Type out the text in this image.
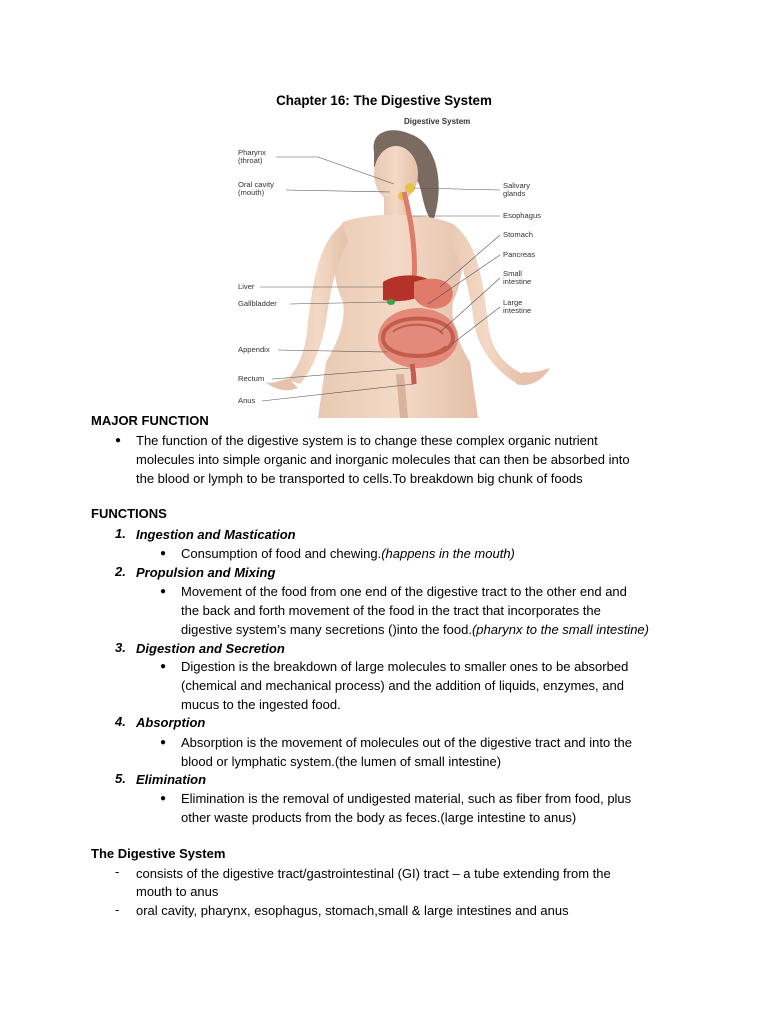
Chapter 16: The Digestive System
Digestive System
Pharynx
(throat)
Oral cavity
(mouth)
Liver
Gallbladder
Appendix
Rectum
Anus
Salivary
glands
Esophagus
Stomach
Pancreas
Small
intestine
Large
intestine
MAJOR FUNCTION
● The function of the digestive system is to change these complex organic nutrient
molecules into simple organic and inorganic molecules that can then be absorbed into
the blood or lymph to be transported to cells.To breakdown big chunk of foods
FUNCTIONS
1. Ingestion and Mastication
● Consumption of food and chewing.(happens in the mouth)
2. Propulsion and Mixing
● Movement of the food from one end of the digestive tract to the other end and
the back and forth movement of the food in the tract that incorporates the
digestive system’s many secretions ()into the food.(pharynx to the small intestine)
3. Digestion and Secretion
● Digestion is the breakdown of large molecules to smaller ones to be absorbed
(chemical and mechanical process) and the addition of liquids, enzymes, and
mucus to the ingested food.
4. Absorption
● Absorption is the movement of molecules out of the digestive tract and into the
blood or lymphatic system.(the lumen of small intestine)
5. Elimination
● Elimination is the removal of undigested material, such as fiber from food, plus
other waste products from the body as feces.(large intestine to anus)
The Digestive System
- consists of the digestive tract/gastrointestinal (GI) tract – a tube extending from the
mouth to anus
- oral cavity, pharynx, esophagus, stomach,small & large intestines and anus
